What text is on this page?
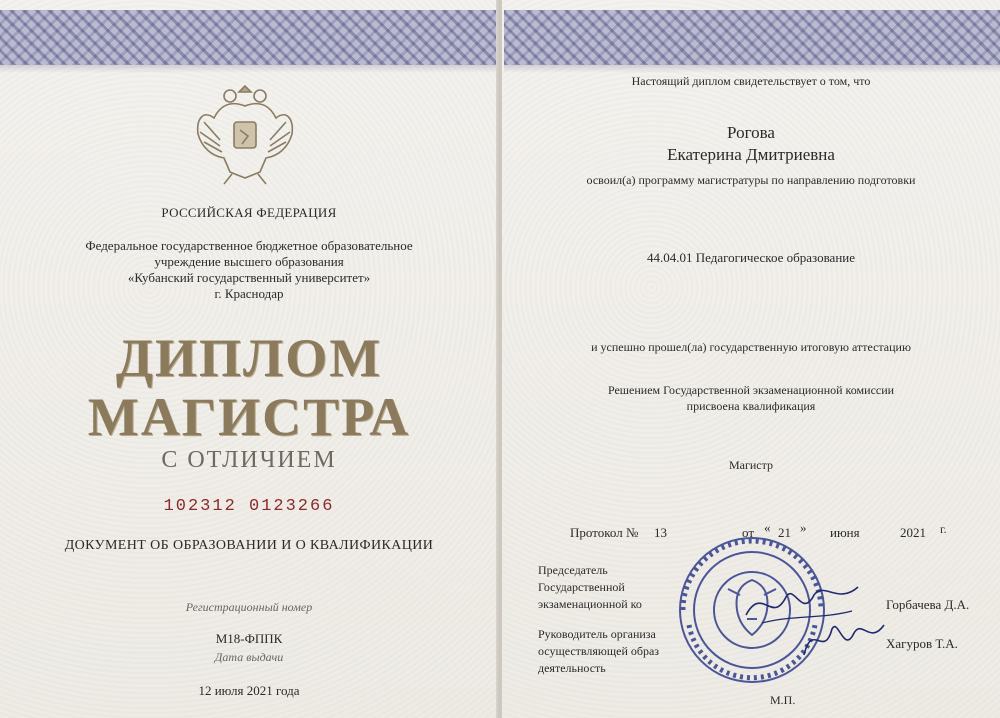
РОССИЙСКАЯ ФЕДЕРАЦИЯ
Федеральное государственное бюджетное образовательное
учреждение высшего образования
«Кубанский государственный университет»
г. Краснодар
ДИПЛОМ
МАГИСТРА
С ОТЛИЧИЕМ
102312 0123266
ДОКУМЕНТ ОБ ОБРАЗОВАНИИ И О КВАЛИФИКАЦИИ
Регистрационный номер
М18-ФППК
Дата выдачи
12 июля 2021 года
Настоящий диплом свидетельствует о том, что
Рогова
Екатерина Дмитриевна
освоил(а) программу магистратуры по направлению подготовки
44.04.01 Педагогическое образование
и успешно прошел(ла) государственную итоговую аттестацию
Решением Государственной экзаменационной комиссии
присвоена квалификация
Магистр
Протокол № 13	от « 21 » июня	2021 г.
Председатель
Государственной
экзаменационной ко	Горбачева Д.А.
Руководитель организа
осуществляющей образ
деятельность
Хагуров Т.А.
М.П.
